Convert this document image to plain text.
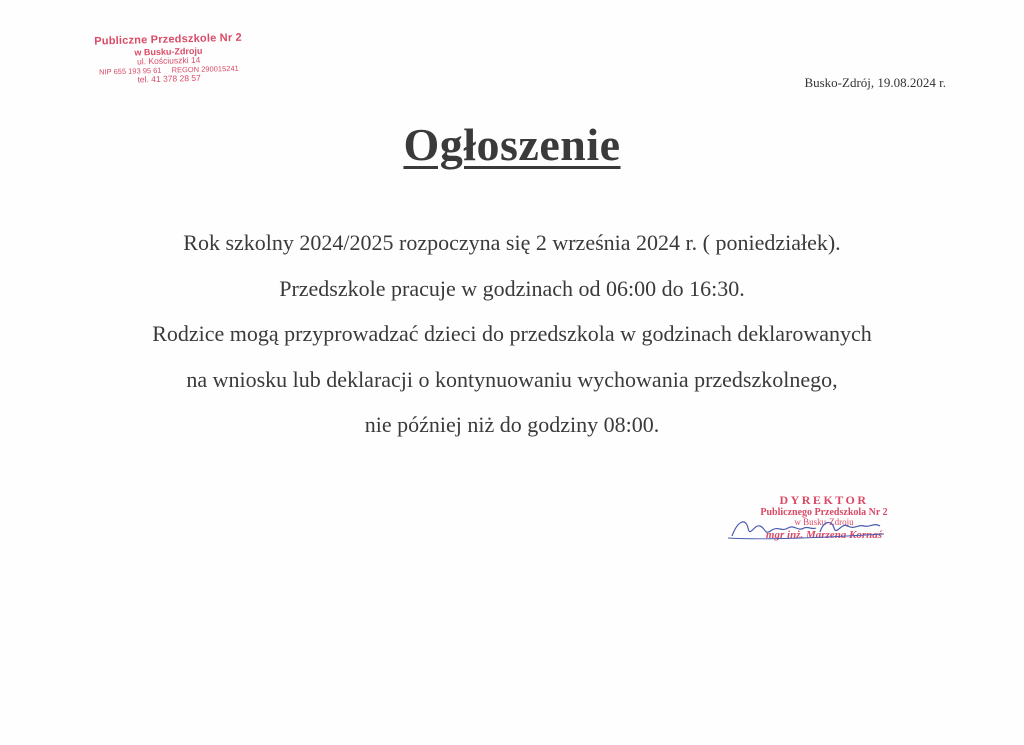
Publiczne Przedszkole Nr 2
w Busku-Zdroju
ul. Kościuszki 14
NIP 655 193 95 61 REGON 290015241
tel. 41 378 28 57	Busko-Zdrój, 19.08.2024 r.
Ogłoszenie

Rok szkolny 2024/2025 rozpoczyna się 2 września 2024 r. ( poniedziałek).

Przedszkole pracuje w godzinach od 06:00 do 16:30.

Rodzice mogą przyprowadzać dzieci do przedszkola w godzinach deklarowanych

na wniosku lub deklaracji o kontynuowaniu wychowania przedszkolnego,

nie później niż do godziny 08:00.

DYREKTOR
Publicznego Przedszkola Nr 2
w Busku-Zdroju
mgr inż. Marzena Kornaś
